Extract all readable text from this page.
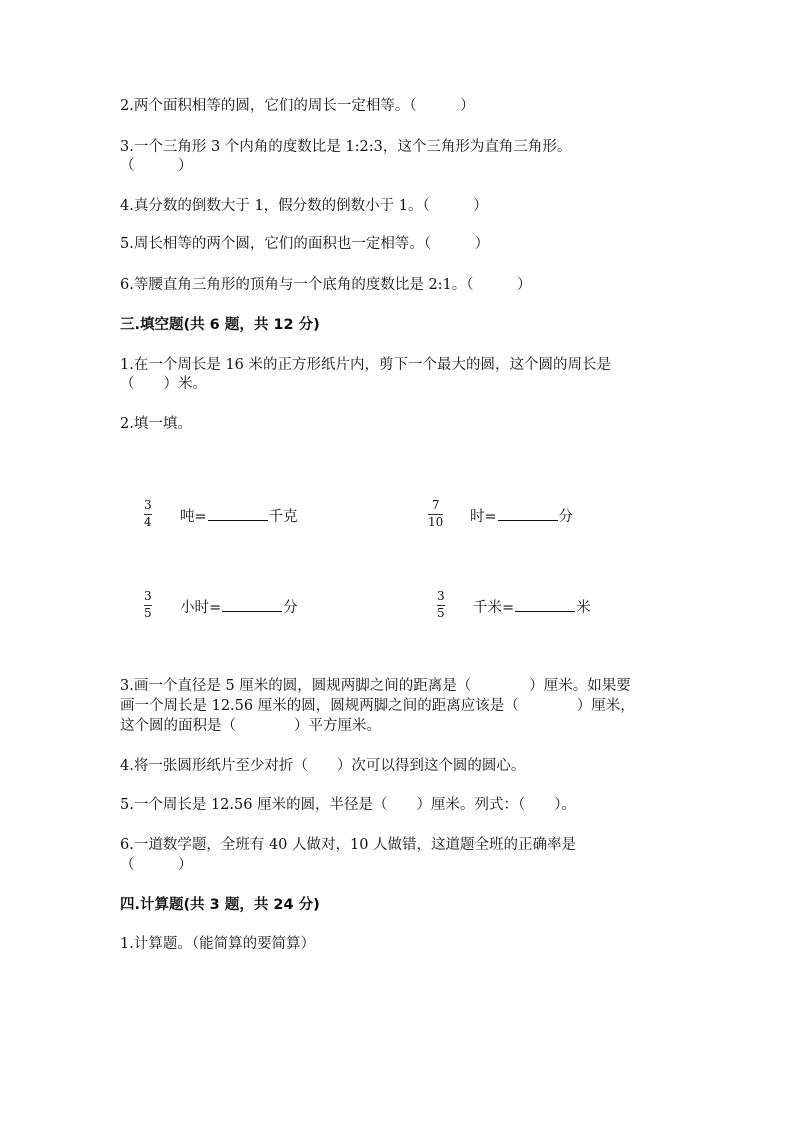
2.两个面积相等的圆，它们的周长一定相等。（　　　）
3.一个三角形 3 个内角的度数比是 1:2:3，这个三角形为直角三角形。
（　　　）
4.真分数的倒数大于 1，假分数的倒数小于 1。（　　　）
5.周长相等的两个圆，它们的面积也一定相等。（　　　）
6.等腰直角三角形的顶角与一个底角的度数比是 2:1。（　　　）
三.填空题(共 6 题，共 12 分)
1.在一个周长是 16 米的正方形纸片内，剪下一个最大的圆，这个圆的周长是
（　　）米。
2.填一填。
3
4 吨=	千克
7
10 时=	分
3
5 小时=	分
3
5 千米=	米
3.画一个直径是 5 厘米的圆，圆规两脚之间的距离是（　　　　）厘米。如果要
画一个周长是 12.56 厘米的圆，圆规两脚之间的距离应该是（　　　　）厘米，
这个圆的面积是（　　　　）平方厘米。
4.将一张圆形纸片至少对折（　　）次可以得到这个圆的圆心。
5.一个周长是 12.56 厘米的圆，半径是（　　）厘米。列式：（　　）。
6.一道数学题，全班有 40 人做对，10 人做错，这道题全班的正确率是
（　　　）
四.计算题(共 3 题，共 24 分)
1.计算题。（能简算的要简算）
